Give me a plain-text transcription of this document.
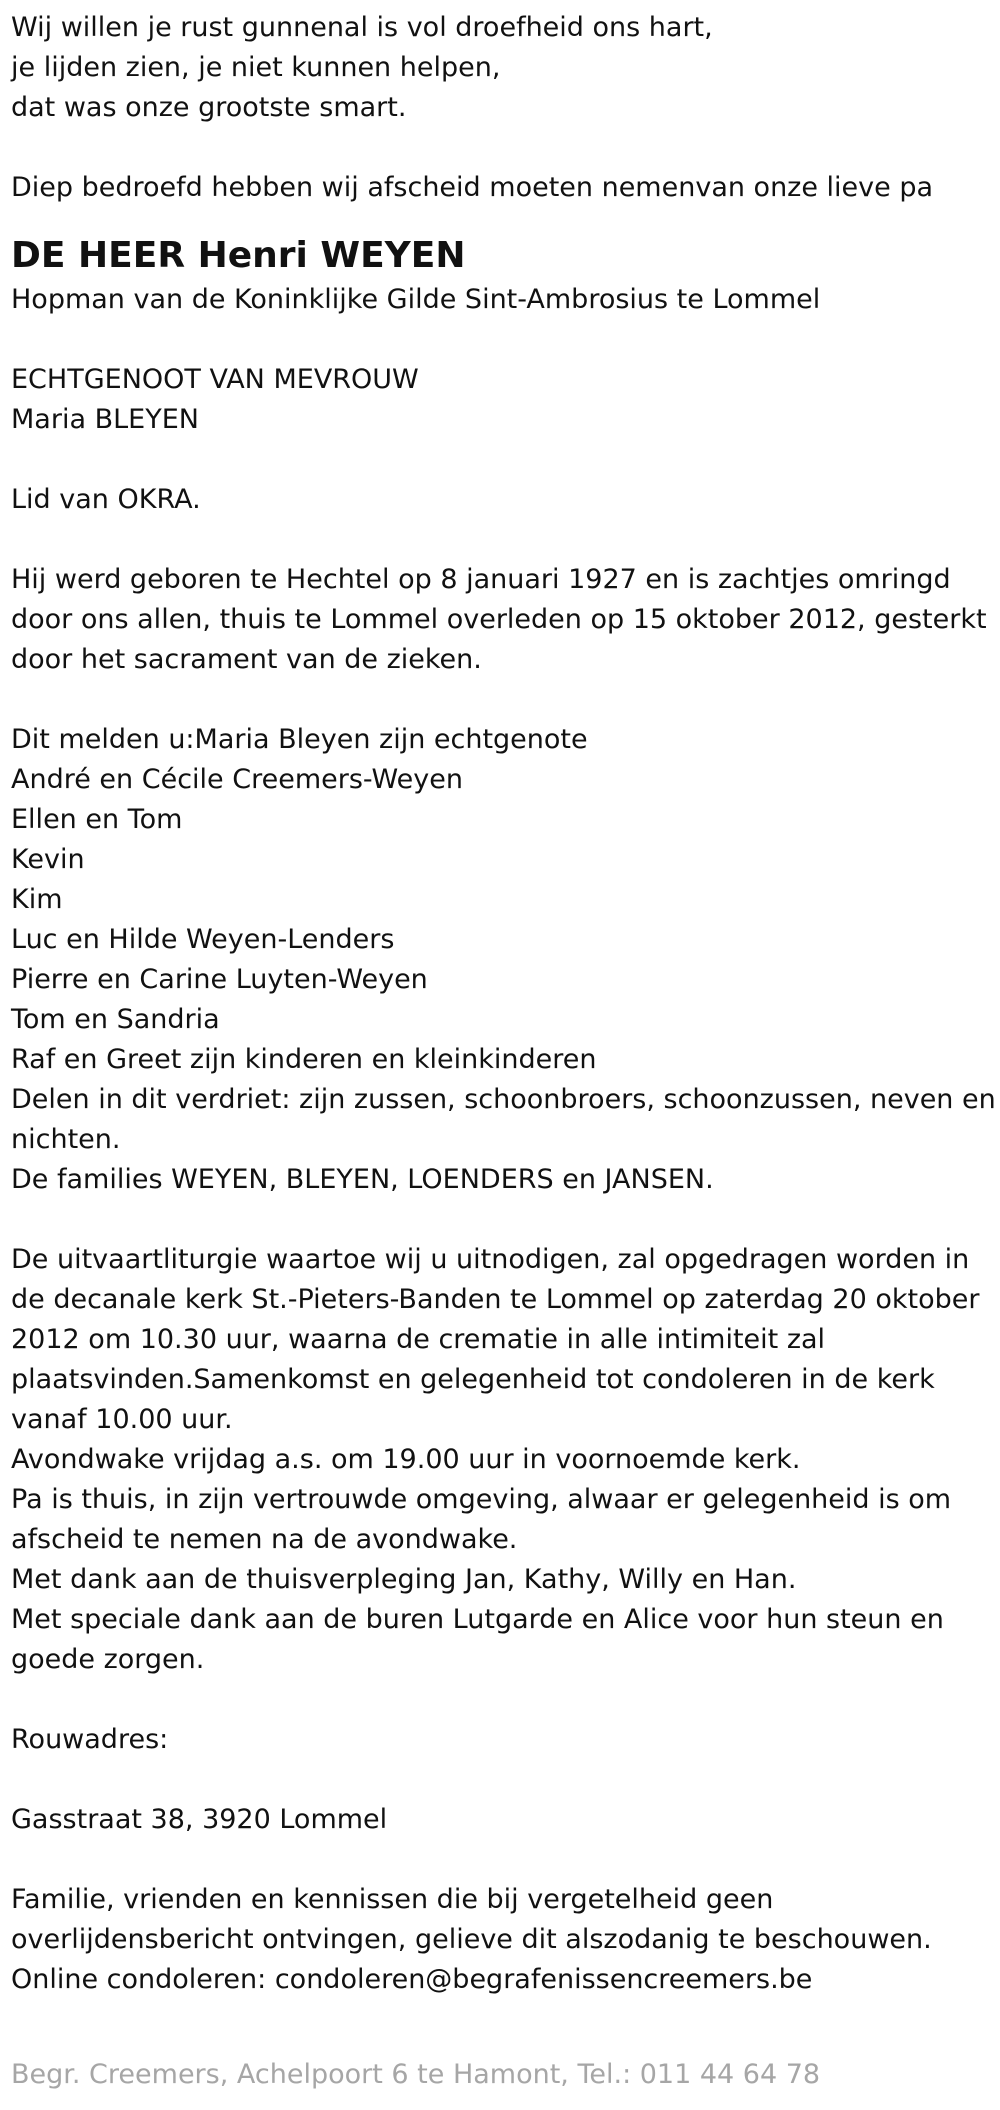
Wij willen je rust gunnenal is vol droefheid ons hart,
je lijden zien, je niet kunnen helpen,
dat was onze grootste smart.
Diep bedroefd hebben wij afscheid moeten nemenvan onze lieve pa
DE HEER Henri WEYEN
Hopman van de Koninklijke Gilde Sint-Ambrosius te Lommel
ECHTGENOOT VAN MEVROUW
Maria BLEYEN
Lid van OKRA.
Hij werd geboren te Hechtel op 8 januari 1927 en is zachtjes omringd
door ons allen, thuis te Lommel overleden op 15 oktober 2012, gesterkt
door het sacrament van de zieken.
Dit melden u:Maria Bleyen zijn echtgenote
André en Cécile Creemers-Weyen
Ellen en Tom
Kevin
Kim
Luc en Hilde Weyen-Lenders
Pierre en Carine Luyten-Weyen
Tom en Sandria
Raf en Greet zijn kinderen en kleinkinderen
Delen in dit verdriet: zijn zussen, schoonbroers, schoonzussen, neven en
nichten.
De families WEYEN, BLEYEN, LOENDERS en JANSEN.
De uitvaartliturgie waartoe wij u uitnodigen, zal opgedragen worden in
de decanale kerk St.-Pieters-Banden te Lommel op zaterdag 20 oktober
2012 om 10.30 uur, waarna de crematie in alle intimiteit zal
plaatsvinden.Samenkomst en gelegenheid tot condoleren in de kerk
vanaf 10.00 uur.
Avondwake vrijdag a.s. om 19.00 uur in voornoemde kerk.
Pa is thuis, in zijn vertrouwde omgeving, alwaar er gelegenheid is om
afscheid te nemen na de avondwake.
Met dank aan de thuisverpleging Jan, Kathy, Willy en Han.
Met speciale dank aan de buren Lutgarde en Alice voor hun steun en
goede zorgen.
Rouwadres:
Gasstraat 38, 3920 Lommel
Familie, vrienden en kennissen die bij vergetelheid geen
overlijdensbericht ontvingen, gelieve dit alszodanig te beschouwen.
Online condoleren: condoleren@begrafenissencreemers.be
Begr. Creemers, Achelpoort 6 te Hamont, Tel.: 011 44 64 78
